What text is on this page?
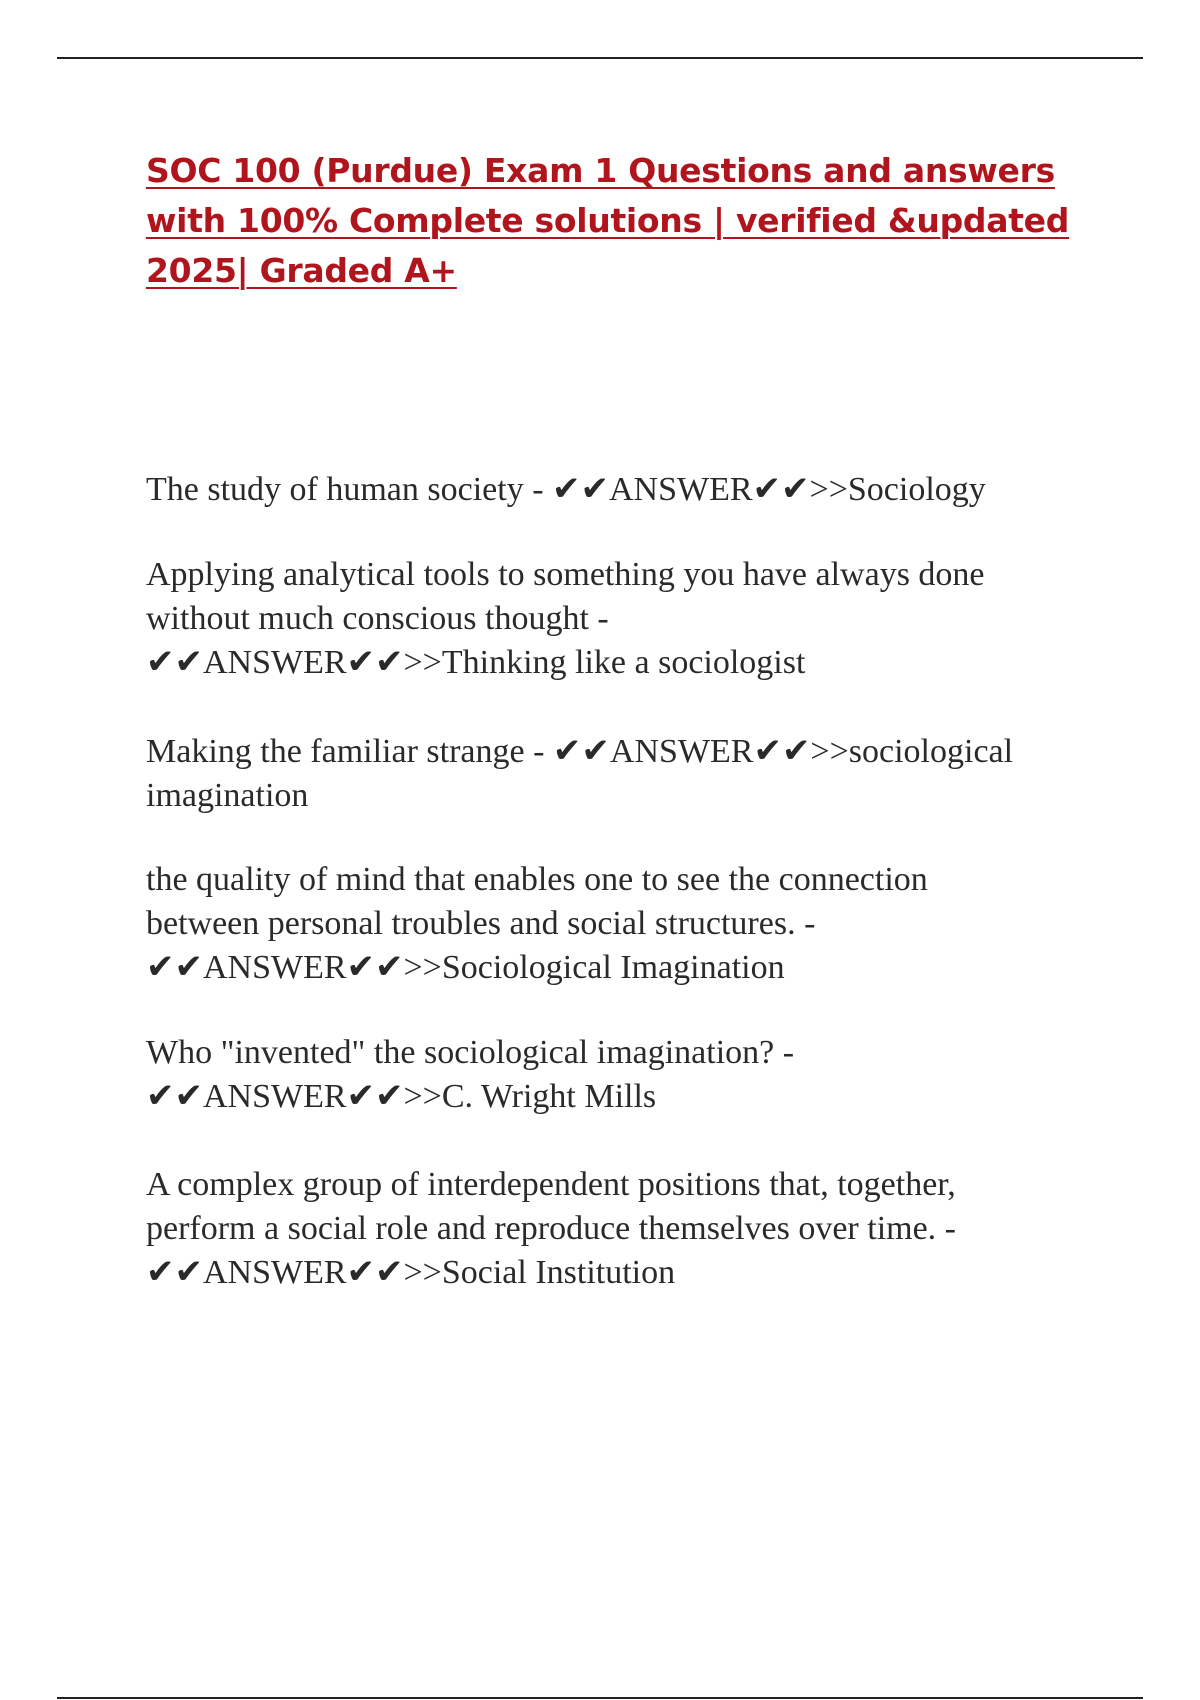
SOC 100 (Purdue) Exam 1 Questions and answers
with 100% Complete solutions | verified &updated
2025| Graded A+
The study of human society - ✔✔ANSWER✔✔>>Sociology
Applying analytical tools to something you have always done
without much conscious thought -
✔✔ANSWER✔✔>>Thinking like a sociologist
Making the familiar strange - ✔✔ANSWER✔✔>>sociological
imagination
the quality of mind that enables one to see the connection
between personal troubles and social structures. -
✔✔ANSWER✔✔>>Sociological Imagination
Who "invented" the sociological imagination? -
✔✔ANSWER✔✔>>C. Wright Mills
A complex group of interdependent positions that, together,
perform a social role and reproduce themselves over time. -
✔✔ANSWER✔✔>>Social Institution
